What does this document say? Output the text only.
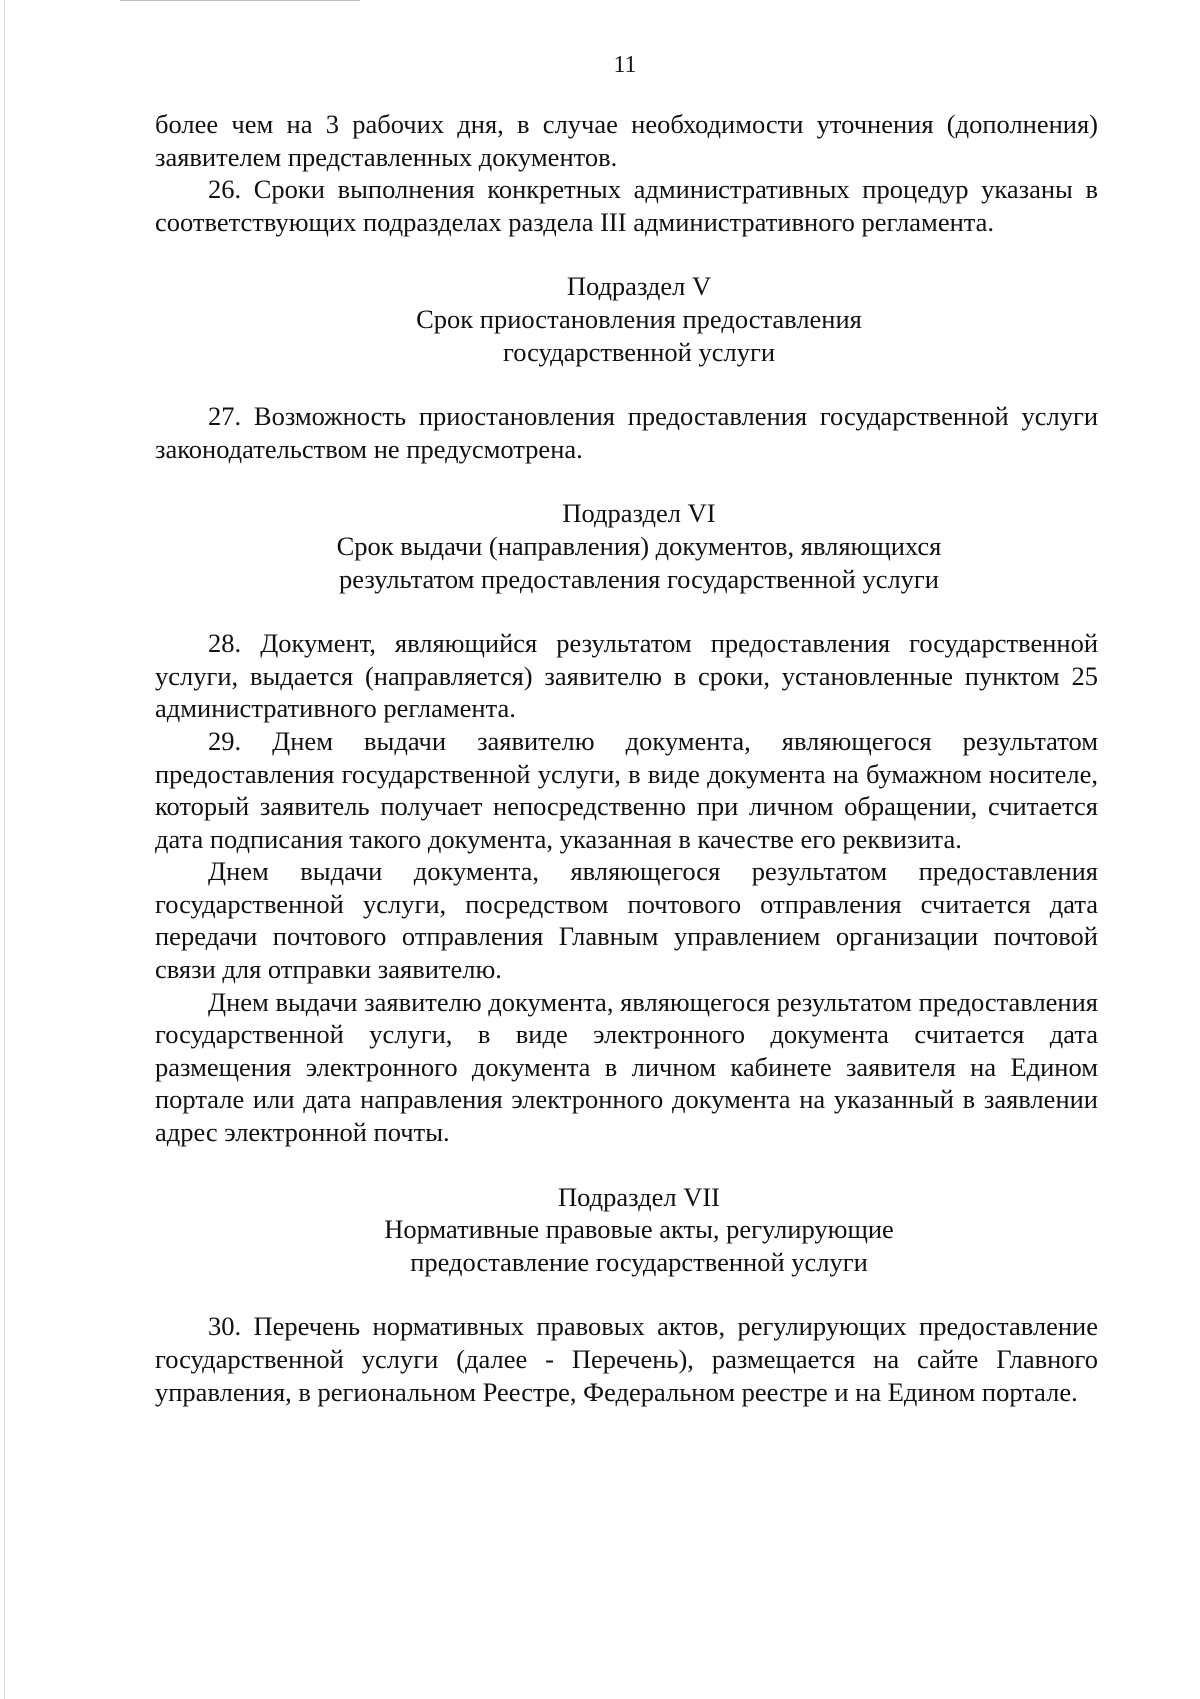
11

более чем на 3 рабочих дня, в случае необходимости уточнения (дополнения) заявителем представленных документов.

26. Сроки выполнения конкретных административных процедур указаны в соответствующих подразделах раздела III административного регламента.

Подраздел V
Срок приостановления предоставления
государственной услуги

27. Возможность приостановления предоставления государственной услуги законодательством не предусмотрена.

Подраздел VI
Срок выдачи (направления) документов, являющихся
результатом предоставления государственной услуги

28. Документ, являющийся результатом предоставления государственной услуги, выдается (направляется) заявителю в сроки, установленные пунктом 25 административного регламента.

29. Днем выдачи заявителю документа, являющегося результатом предоставления государственной услуги, в виде документа на бумажном носителе, который заявитель получает непосредственно при личном обращении, считается дата подписания такого документа, указанная в качестве его реквизита.

Днем выдачи документа, являющегося результатом предоставления государственной услуги, посредством почтового отправления считается дата передачи почтового отправления Главным управлением организации почтовой связи для отправки заявителю.

Днем выдачи заявителю документа, являющегося результатом предоставления государственной услуги, в виде электронного документа считается дата размещения электронного документа в личном кабинете заявителя на Едином портале или дата направления электронного документа на указанный в заявлении адрес электронной почты.

Подраздел VII
Нормативные правовые акты, регулирующие
предоставление государственной услуги

30. Перечень нормативных правовых актов, регулирующих предоставление государственной услуги (далее - Перечень), размещается на сайте Главного управления, в региональном Реестре, Федеральном реестре и на Едином портале.
